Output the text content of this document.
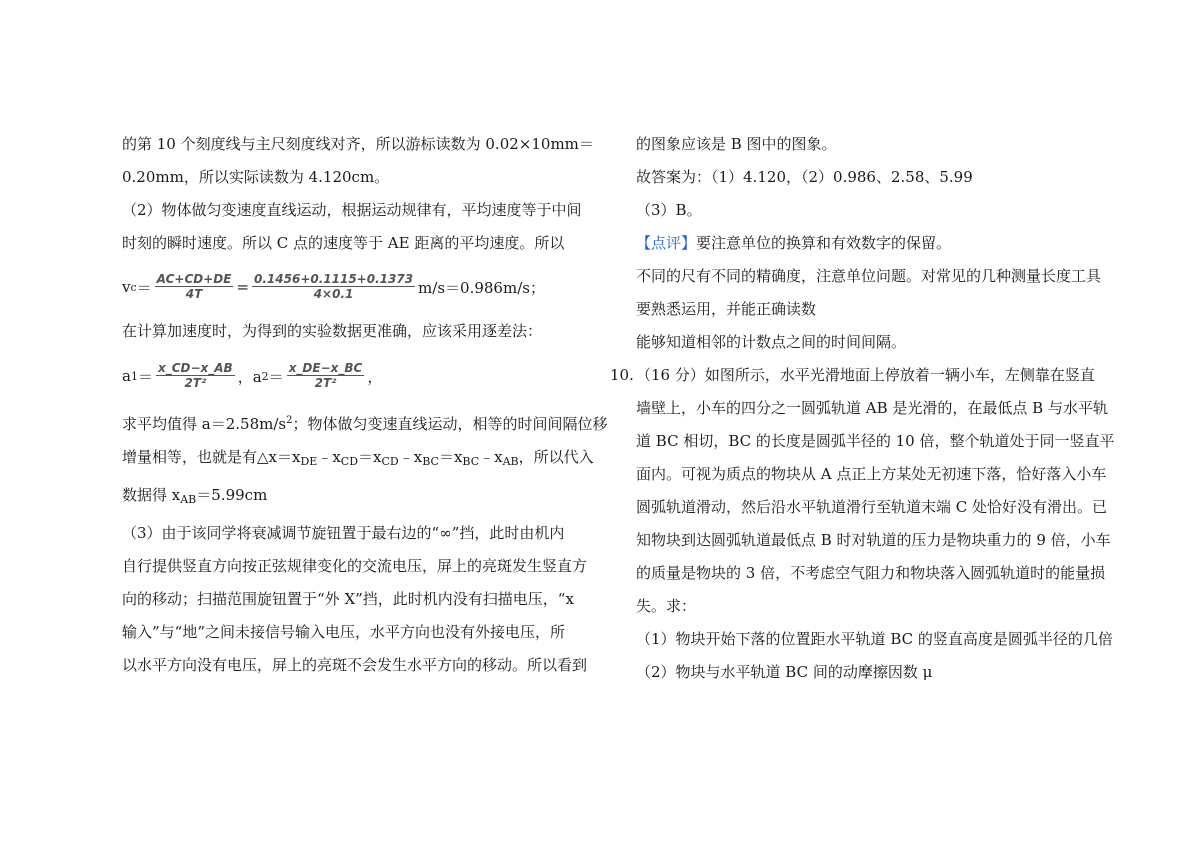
的第 10 个刻度线与主尺刻度线对齐，所以游标读数为 0.02×10mm＝
0.20mm，所以实际读数为 4.120cm。
（2）物体做匀变速度直线运动，根据运动规律有，平均速度等于中间
时刻的瞬时速度。所以 C 点的速度等于 AE 距离的平均速度。所以
v $c = \frac{AC+CD+DE}{4T} = \frac{0.1456+0.1115+0.1373}{4\times 0.1} m/s=0.986m/s$；
在计算加速度时，为得到的实验数据更准确，应该采用逐差法：
a $1 = \frac{x\_CD-x\_AB}{\text{2T²}}$ ，a $2 = \frac{x\_DE-x\_BC}{\text{2T²}}$ ，
求平均值得 $a=2.58m/s^2$；物体做匀变速直线运动，相等的时间间隔位移
增量相等，也就是有$\triangle x=x_{DE}﹣x_{CD}=x_{CD}﹣x_{BC}=x_{BC}﹣x_{AB}$，所以代入
数据得 $x_{AB}=5.99cm$
（3）由于该同学将衰减调节旋钮置于最右边的“∞”挡，此时由机内
自行提供竖直方向按正弦规律变化的交流电压，屏上的亮斑发生竖直方
向的移动；扫描范围旋钮置于“外 X”挡，此时机内没有扫描电压，“x
输入”与“地”之间未接信号输入电压，水平方向也没有外接电压，所
以水平方向没有电压，屏上的亮斑不会发生水平方向的移动。所以看到
的图象应该是 B 图中的图象。
故答案为：（1）4.120，（2）0.986、2.58、5.99
（3）B。
【点评】要注意单位的换算和有效数字的保留。
不同的尺有不同的精确度，注意单位问题。对常见的几种测量长度工具
要熟悉运用，并能正确读数
能够知道相邻的计数点之间的时间间隔。
10. （16 分）如图所示，水平光滑地面上停放着一辆小车，左侧靠在竖直
墙壁上，小车的四分之一圆弧轨道 AB 是光滑的，在最低点 B 与水平轨
道 BC 相切，BC 的长度是圆弧半径的 10 倍，整个轨道处于同一竖直平
面内。可视为质点的物块从 A 点正上方某处无初速下落，恰好落入小车
圆弧轨道滑动，然后沿水平轨道滑行至轨道末端 C 处恰好没有滑出。已
知物块到达圆弧轨道最低点 B 时对轨道的压力是物块重力的 9 倍，小车
的质量是物块的 3 倍，不考虑空气阻力和物块落入圆弧轨道时的能量损
失。求：
（1）物块开始下落的位置距水平轨道 BC 的竖直高度是圆弧半径的几倍
（2）物块与水平轨道 BC 间的动摩擦因数 μ
